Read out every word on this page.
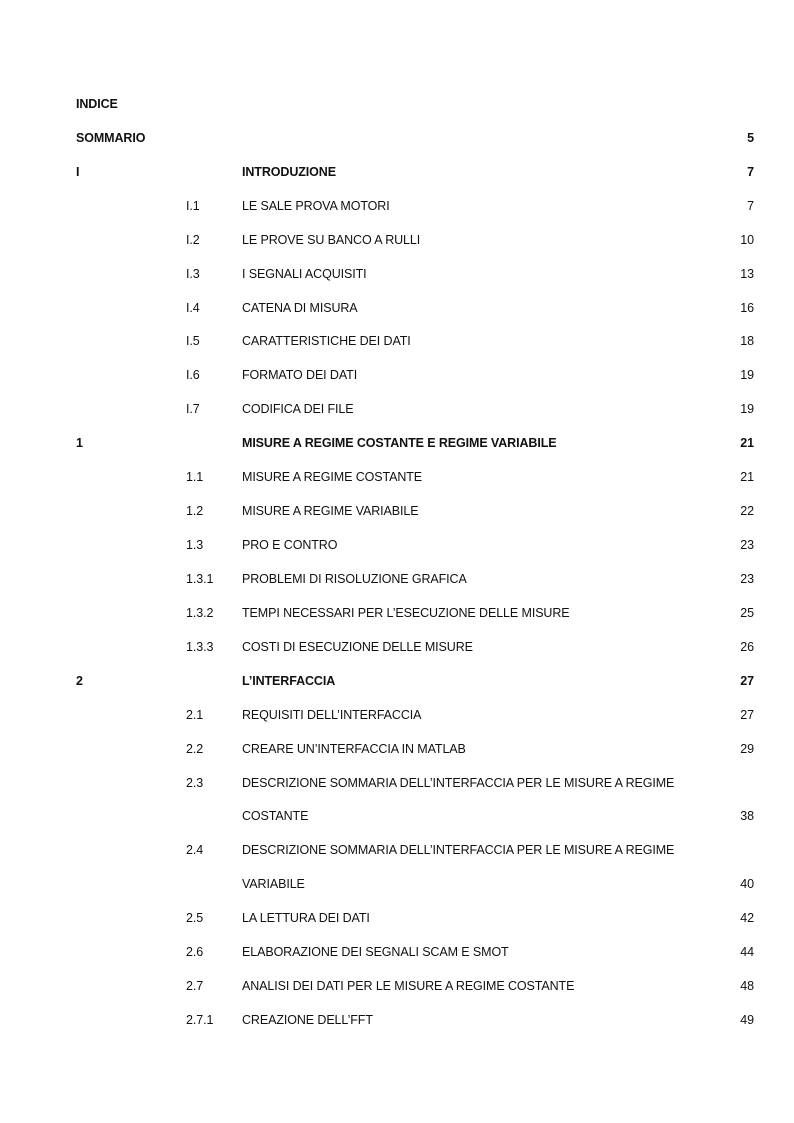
INDICE
SOMMARIO	5
I	INTRODUZIONE	7
I.1	LE SALE PROVA MOTORI	7
I.2	LE PROVE SU BANCO A RULLI	10
I.3	I SEGNALI ACQUISITI	13
I.4	CATENA DI MISURA	16
I.5	CARATTERISTICHE DEI DATI	18
I.6	FORMATO DEI DATI	19
I.7	CODIFICA DEI FILE	19
1	MISURE A REGIME COSTANTE E REGIME VARIABILE	21
1.1	MISURE A REGIME COSTANTE	21
1.2	MISURE A REGIME VARIABILE	22
1.3	PRO E CONTRO	23
1.3.1 PROBLEMI DI RISOLUZIONE GRAFICA	23
1.3.2 TEMPI NECESSARI PER L’ESECUZIONE DELLE MISURE	25
1.3.3 COSTI DI ESECUZIONE DELLE MISURE	26
2	L’INTERFACCIA	27
2.1	REQUISITI DELL’INTERFACCIA	27
2.2	CREARE UN’INTERFACCIA IN MATLAB	29
2.3	DESCRIZIONE SOMMARIA DELL’INTERFACCIA PER LE MISURE A REGIME
COSTANTE	38
2.4	DESCRIZIONE SOMMARIA DELL’INTERFACCIA PER LE MISURE A REGIME
VARIABILE	40
2.5	LA LETTURA DEI DATI	42
2.6	ELABORAZIONE DEI SEGNALI SCAM E SMOT	44
2.7	ANALISI DEI DATI PER LE MISURE A REGIME COSTANTE	48
2.7.1 CREAZIONE DELL’FFT	49
